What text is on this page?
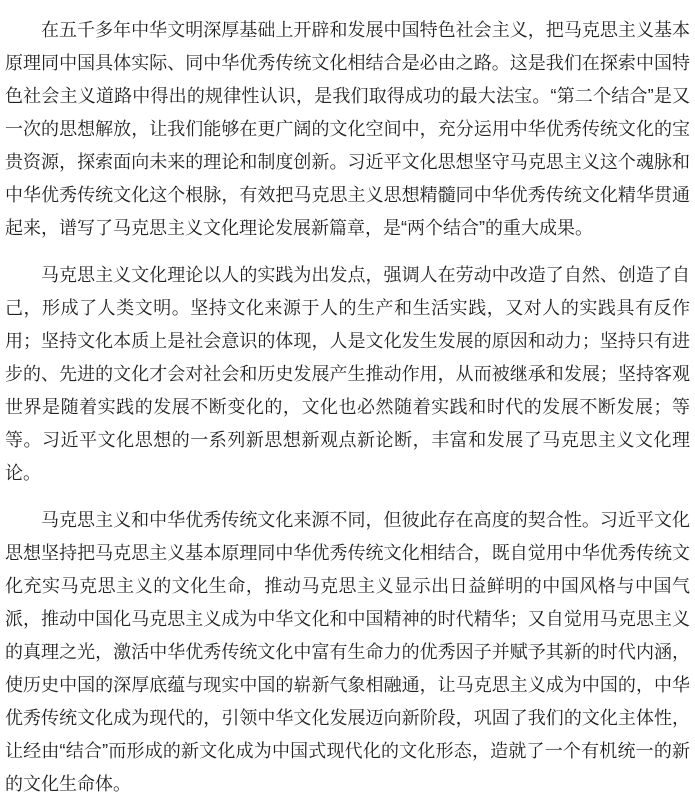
在五千多年中华文明深厚基础上开辟和发展中国特色社会主义，把马克思主义基本原理同中国具体实际、同中华优秀传统文化相结合是必由之路。这是我们在探索中国特色社会主义道路中得出的规律性认识，是我们取得成功的最大法宝。“第二个结合”是又一次的思想解放，让我们能够在更广阔的文化空间中，充分运用中华优秀传统文化的宝贵资源，探索面向未来的理论和制度创新。习近平文化思想坚守马克思主义这个魂脉和中华优秀传统文化这个根脉，有效把马克思主义思想精髓同中华优秀传统文化精华贯通起来，谱写了马克思主义文化理论发展新篇章，是“两个结合”的重大成果。

马克思主义文化理论以人的实践为出发点，强调人在劳动中改造了自然、创造了自己，形成了人类文明。坚持文化来源于人的生产和生活实践，又对人的实践具有反作用；坚持文化本质上是社会意识的体现，人是文化发生发展的原因和动力；坚持只有进步的、先进的文化才会对社会和历史发展产生推动作用，从而被继承和发展；坚持客观世界是随着实践的发展不断变化的，文化也必然随着实践和时代的发展不断发展；等等。习近平文化思想的一系列新思想新观点新论断，丰富和发展了马克思主义文化理论。

马克思主义和中华优秀传统文化来源不同，但彼此存在高度的契合性。习近平文化思想坚持把马克思主义基本原理同中华优秀传统文化相结合，既自觉用中华优秀传统文化充实马克思主义的文化生命，推动马克思主义显示出日益鲜明的中国风格与中国气派，推动中国化马克思主义成为中华文化和中国精神的时代精华；又自觉用马克思主义的真理之光，激活中华优秀传统文化中富有生命力的优秀因子并赋予其新的时代内涵，使历史中国的深厚底蕴与现实中国的崭新气象相融通，让马克思主义成为中国的，中华优秀传统文化成为现代的，引领中华文化发展迈向新阶段，巩固了我们的文化主体性，让经由“结合”而形成的新文化成为中国式现代化的文化形态，造就了一个有机统一的新的文化生命体。
